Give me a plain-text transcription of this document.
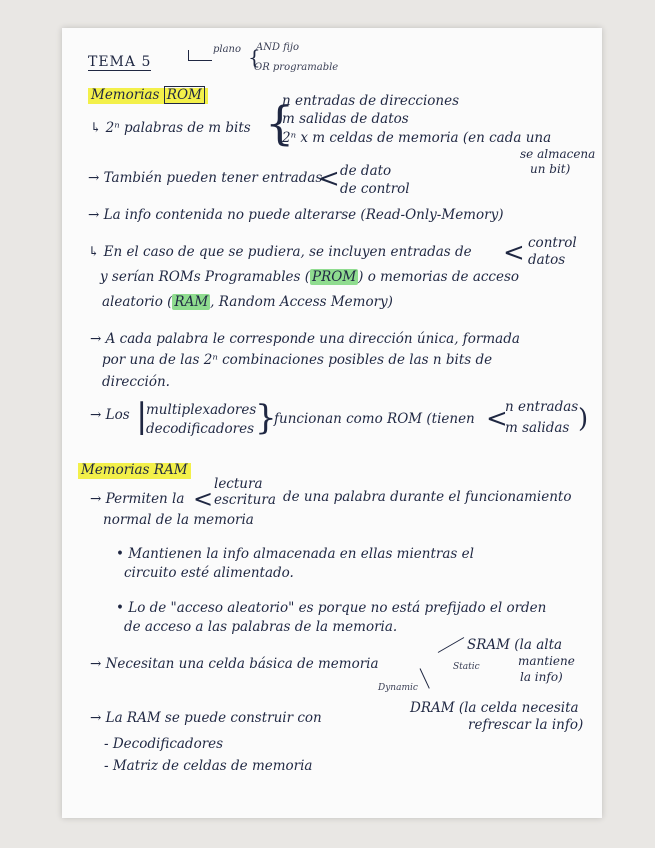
TEMA 5
plano AND fijo
OR programable
{
Memorias ROM
↳ 2ⁿ palabras de m bits {
n entradas de direcciones
m salidas de datos
2ⁿ x m celdas de memoria (en cada una
se almacena
un bit)
→ También pueden tener entradas
< de dato
de control
→ La info contenida no puede alterarse (Read-Only-Memory)
↳ En el caso de que se pudiera, se incluyen entradas de < control
datos
y serían ROMs Programables ( PROM ) o memorias de acceso
aleatorio ( RAM , Random Access Memory)
→ A cada palabra le corresponde una dirección única, formada
por una de las 2ⁿ combinaciones posibles de las n bits de
dirección.
→ Los |
multiplexadores
decodificadores }
funcionan como ROM (tienen <
n entradas
m salidas )
Memorias RAM
→ Permiten la <
lectura
escritura de una palabra durante el funcionamiento
normal de la memoria
• Mantienen la info almacenada en ellas mientras el
circuito esté alimentado.
• Lo de "acceso aleatorio" es porque no está prefijado el orden
de acceso a las palabras de la memoria.
→ Necesitan una celda básica de memoria	Static
Dynamic
SRAM (la alta
mantiene
la info)
DRAM (la celda necesita
refrescar la info)
→ La RAM se puede construir con
- Decodificadores
- Matriz de celdas de memoria
